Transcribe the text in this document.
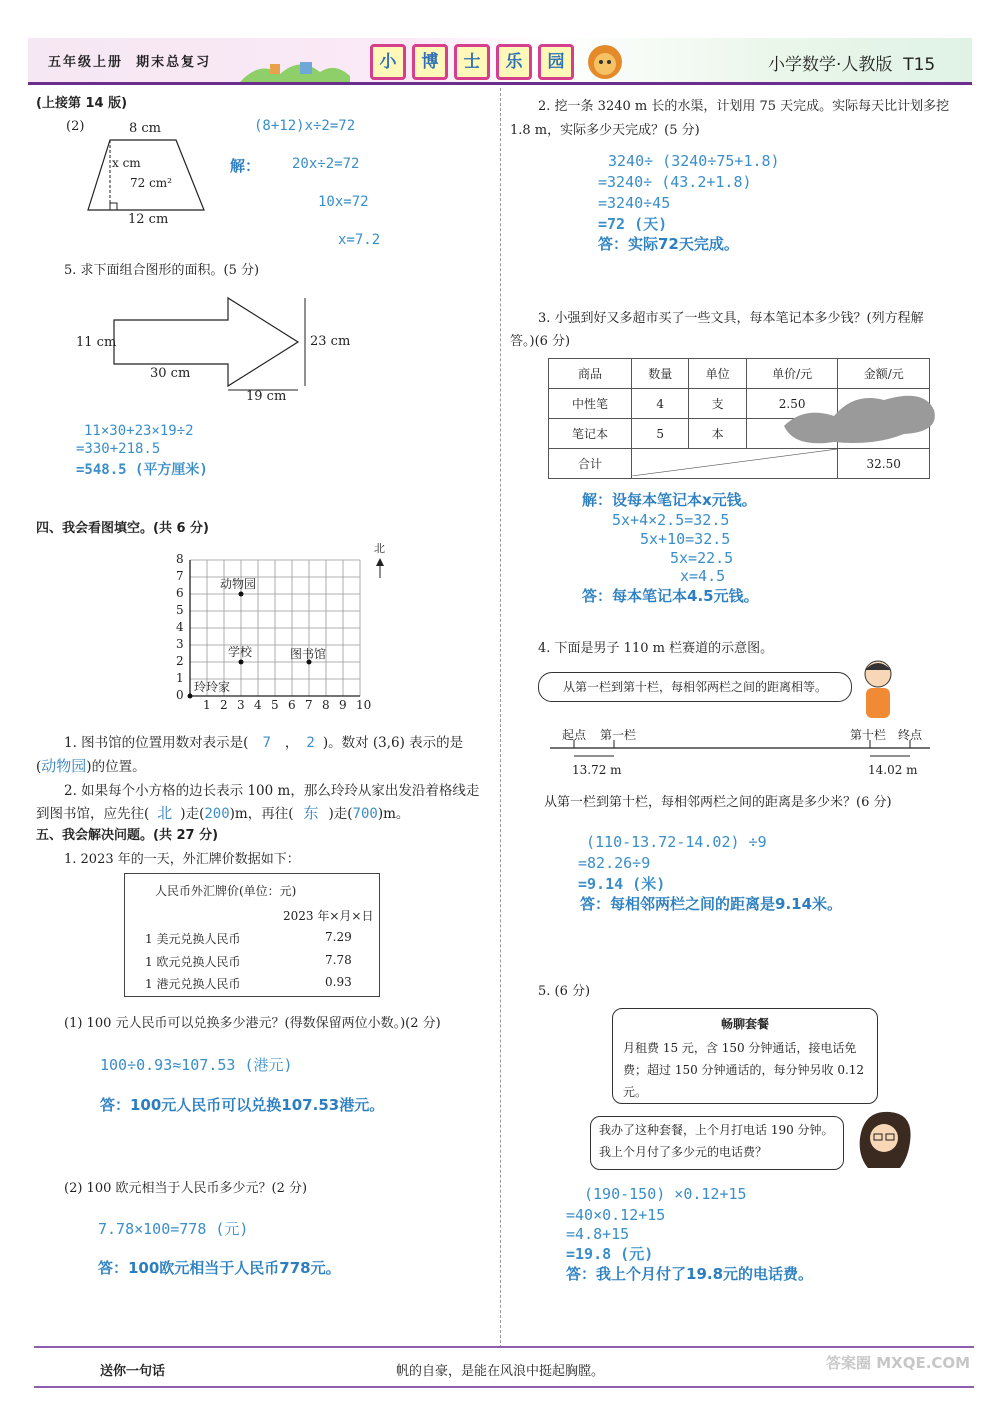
五年级上册 期末总复习	小	博	士	乐	园	小学数学·人教版 T15
(上接第 14 版)
(2)	8 cm
x cm
72 cm²
12 cm
(8+12)x÷2=72
解： 20x÷2=72
10x=72
x=7.2
5. 求下面组合图形的面积。(5 分)
11 cm
30 cm
23 cm
19 cm
11×30+23×19÷2
=330+218.5
=548.5 (平方厘米)
四、我会看图填空。(共 6 分)
8
7
6
5
4
3
2
1
0
1 2 3 4 5 6 7 8 9 10
北
动物园
学校	图书馆
玲玲家
1. 图书馆的位置用数对表示是( 7 ， 2 )。数对 (3,6) 表示的是
(动物园)的位置。
2. 如果每个小方格的边长表示 100 m，那么玲玲从家出发沿着格线走
到图书馆，应先往( 北 )走(200)m，再往( 东 )走(700)m。
五、我会解决问题。(共 27 分)
1. 2023 年的一天，外汇牌价数据如下：
人民币外汇牌价(单位：元)
2023 年×月×日
1 美元兑换人民币	7.29
1 欧元兑换人民币	7.78
1 港元兑换人民币	0.93
(1) 100 元人民币可以兑换多少港元？(得数保留两位小数。)(2 分)
100÷0.93≈107.53 (港元)
答：100元人民币可以兑换107.53港元。
(2) 100 欧元相当于人民币多少元？(2 分)
7.78×100=778 (元)
答：100欧元相当于人民币778元。
2. 挖一条 3240 m 长的水渠，计划用 75 天完成。实际每天比计划多挖
1.8 m，实际多少天完成？(5 分)
3240÷ (3240÷75+1.8)
=3240÷ (43.2+1.8)
=3240÷45
=72 (天)
答：实际72天完成。
3. 小强到好又多超市买了一些文具，每本笔记本多少钱？(列方程解
答。)(6 分)
商品	数量	单位	单价/元	金额/元
中性笔	4	支	2.50	
笔记本	5	本		
合计				32.50
解：设每本笔记本x元钱。
5x+4×2.5=32.5
5x+10=32.5
5x=22.5
x=4.5
答：每本笔记本4.5元钱。
4. 下面是男子 110 m 栏赛道的示意图。
从第一栏到第十栏，每相邻两栏之间的距离相等。
起点 第一栏	第十栏 终点
13.72 m	14.02 m
从第一栏到第十栏，每相邻两栏之间的距离是多少米？(6 分)
(110-13.72-14.02) ÷9
=82.26÷9
=9.14 (米)
答：每相邻两栏之间的距离是9.14米。
5. (6 分)
畅聊套餐
月租费 15 元，含 150 分钟通话，接电话免费；超过 150 分钟通话的，每分钟另收 0.12 元。
我办了这种套餐，上个月打电话 190 分钟。我上个月付了多少元的电话费？
(190-150) ×0.12+15
=40×0.12+15
=4.8+15
=19.8 (元)
答：我上个月付了19.8元的电话费。
送你一句话	帆的自豪，是能在风浪中挺起胸膛。	答案圈 MXQE.COM
